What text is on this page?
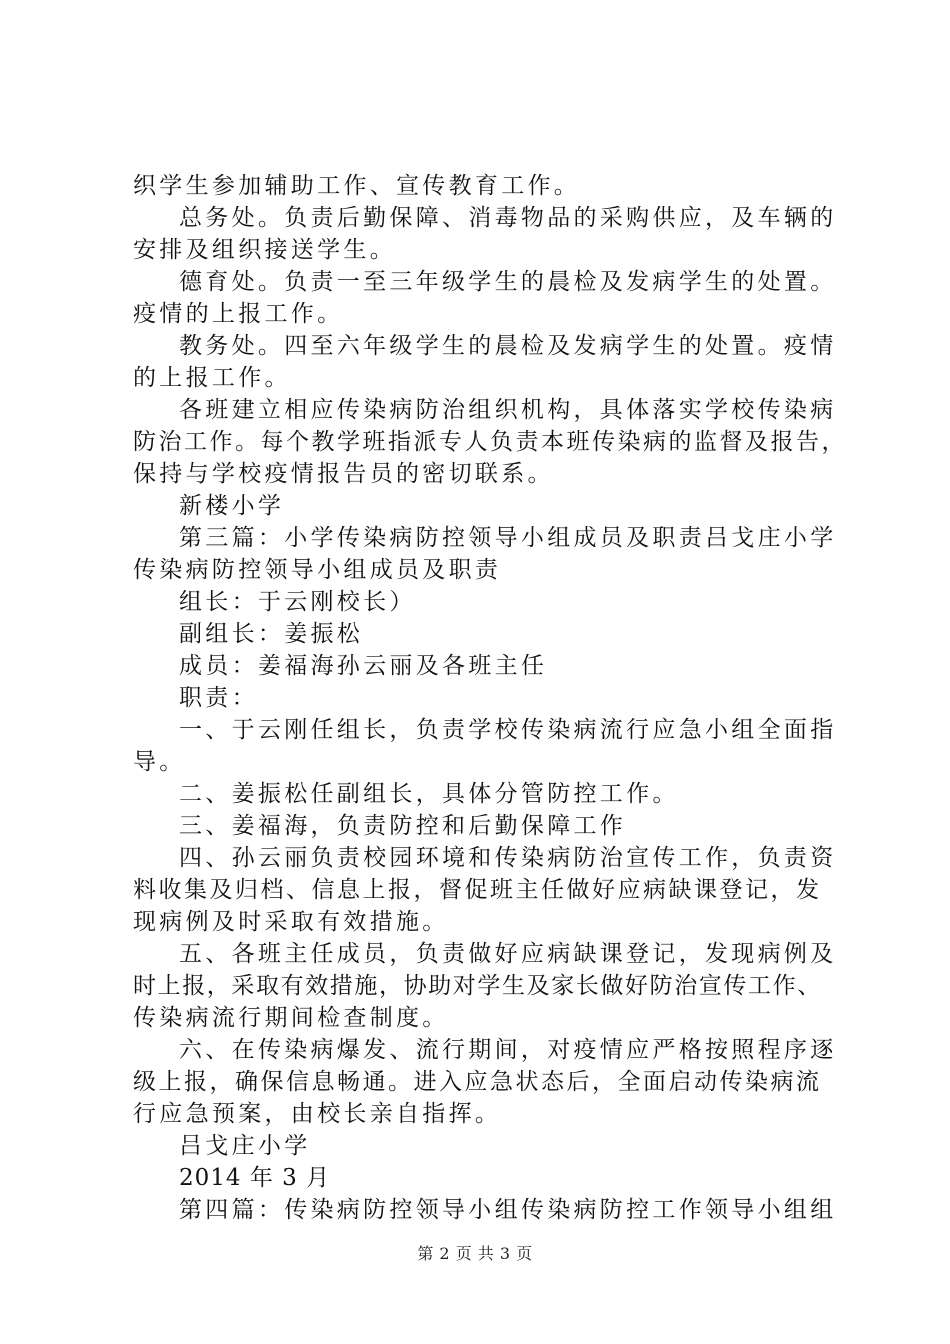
织学生参加辅助工作、宣传教育工作。
总务处。负责后勤保障、消毒物品的采购供应，及车辆的
安排及组织接送学生。
德育处。负责一至三年级学生的晨检及发病学生的处置。
疫情的上报工作。
教务处。四至六年级学生的晨检及发病学生的处置。疫情
的上报工作。
各班建立相应传染病防治组织机构，具体落实学校传染病
防治工作。每个教学班指派专人负责本班传染病的监督及报告，
保持与学校疫情报告员的密切联系。
新楼小学
第三篇：小学传染病防控领导小组成员及职责吕戈庄小学
传染病防控领导小组成员及职责
组长：于云刚校长）
副组长：姜振松
成员：姜福海孙云丽及各班主任
职责：
一、于云刚任组长，负责学校传染病流行应急小组全面指
导。
二、姜振松任副组长，具体分管防控工作。
三、姜福海，负责防控和后勤保障工作
四、孙云丽负责校园环境和传染病防治宣传工作，负责资
料收集及归档、信息上报，督促班主任做好应病缺课登记，发
现病例及时采取有效措施。
五、各班主任成员，负责做好应病缺课登记，发现病例及
时上报，采取有效措施，协助对学生及家长做好防治宣传工作、
传染病流行期间检查制度。
六、在传染病爆发、流行期间，对疫情应严格按照程序逐
级上报，确保信息畅通。进入应急状态后，全面启动传染病流
行应急预案，由校长亲自指挥。
吕戈庄小学
2014 年 3 月
第四篇：传染病防控领导小组传染病防控工作领导小组组
第 2 页 共 3 页
